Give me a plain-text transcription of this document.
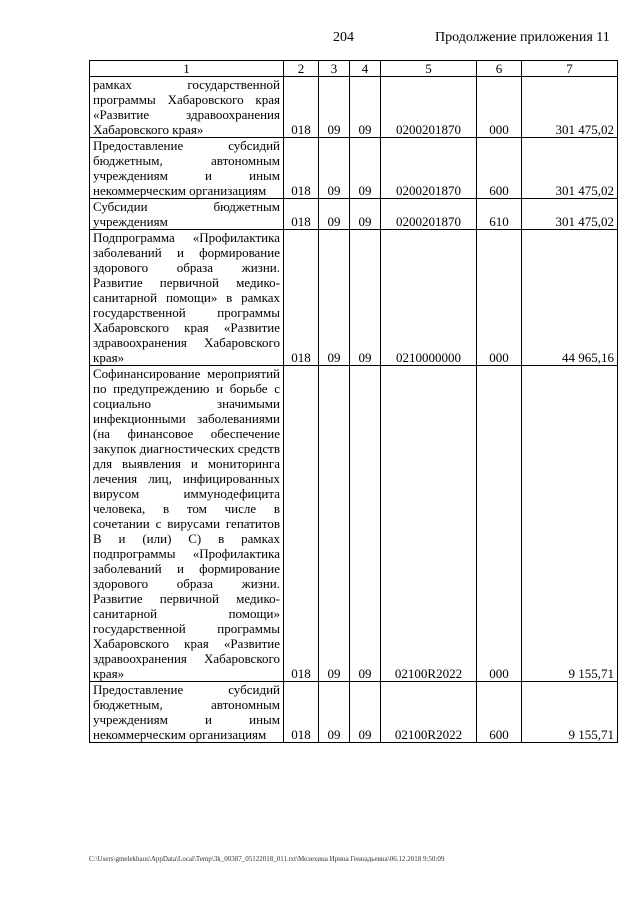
204	Продолжение приложения 11
1	2	3	4	5	6	7
рамках государственной программы Хабаровского края «Развитие здравоохранения Хабаровского края»	018	09	09	0200201870	000	301 475,02
Предоставление субсидий бюджетным, автономным учреждениям и иным некоммерческим организациям	018	09	09	0200201870	600	301 475,02
Субсидии бюджетным учреждениям	018	09	09	0200201870	610	301 475,02
Подпрограмма «Профилактика заболеваний и формирование здорового образа жизни. Развитие первичной медико-санитарной помощи» в рамках государственной программы Хабаровского края «Развитие здравоохранения Хабаровского края»	018	09	09	0210000000	000	44 965,16
Софинансирование мероприятий по предупреждению и борьбе с социально значимыми инфекционными заболеваниями (на финансовое обеспечение закупок диагностических средств для выявления и мониторинга лечения лиц, инфицированных вирусом иммунодефицита человека, в том числе в сочетании с вирусами гепатитов B и (или) C) в рамках подпрограммы «Профилактика заболеваний и формирование здорового образа жизни. Развитие первичной медико-санитарной помощи» государственной программы Хабаровского края «Развитие здравоохранения Хабаровского края»	018	09	09	02100R2022	000	9 155,71
Предоставление субсидий бюджетным, автономным учреждениям и иным некоммерческим организациям	018	09	09	02100R2022	600	9 155,71
C:\Users\gmelekhaus\AppData\Local\Temp\3k_00387_05122018_011.txt\Мелехина Ирина Геннадьевна\06.12.2018 9:50:09
